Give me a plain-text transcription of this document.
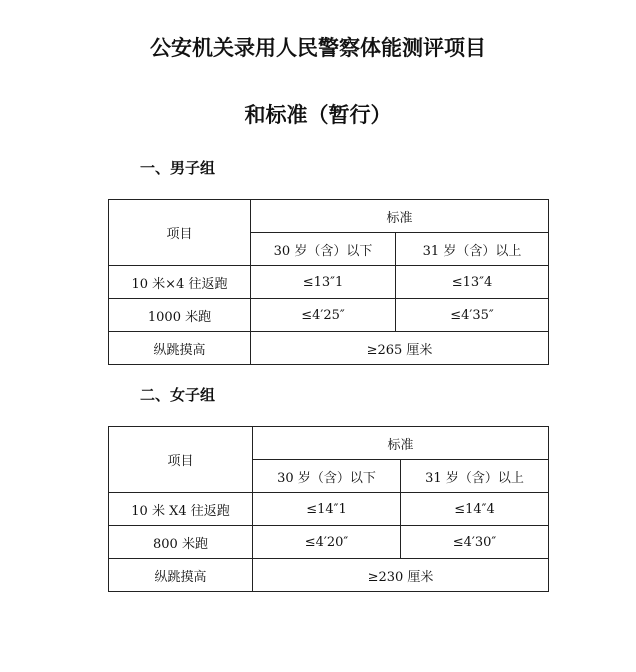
公安机关录用人民警察体能测评项目
和标准（暂行）
一、男子组
项目	标准	
	30 岁（含）以下	31 岁（含）以上
10 米×4 往返跑	≤13″1	≤13″4
1000 米跑	≤4′25″	≤4′35″
纵跳摸高	≥265 厘米	
二、女子组
项目	标准	
	30 岁（含）以下	31 岁（含）以上
10 米 X4 往返跑	≤14″1	≤14″4
800 米跑	≤4′20″	≤4′30″
纵跳摸高	≥230 厘米	
